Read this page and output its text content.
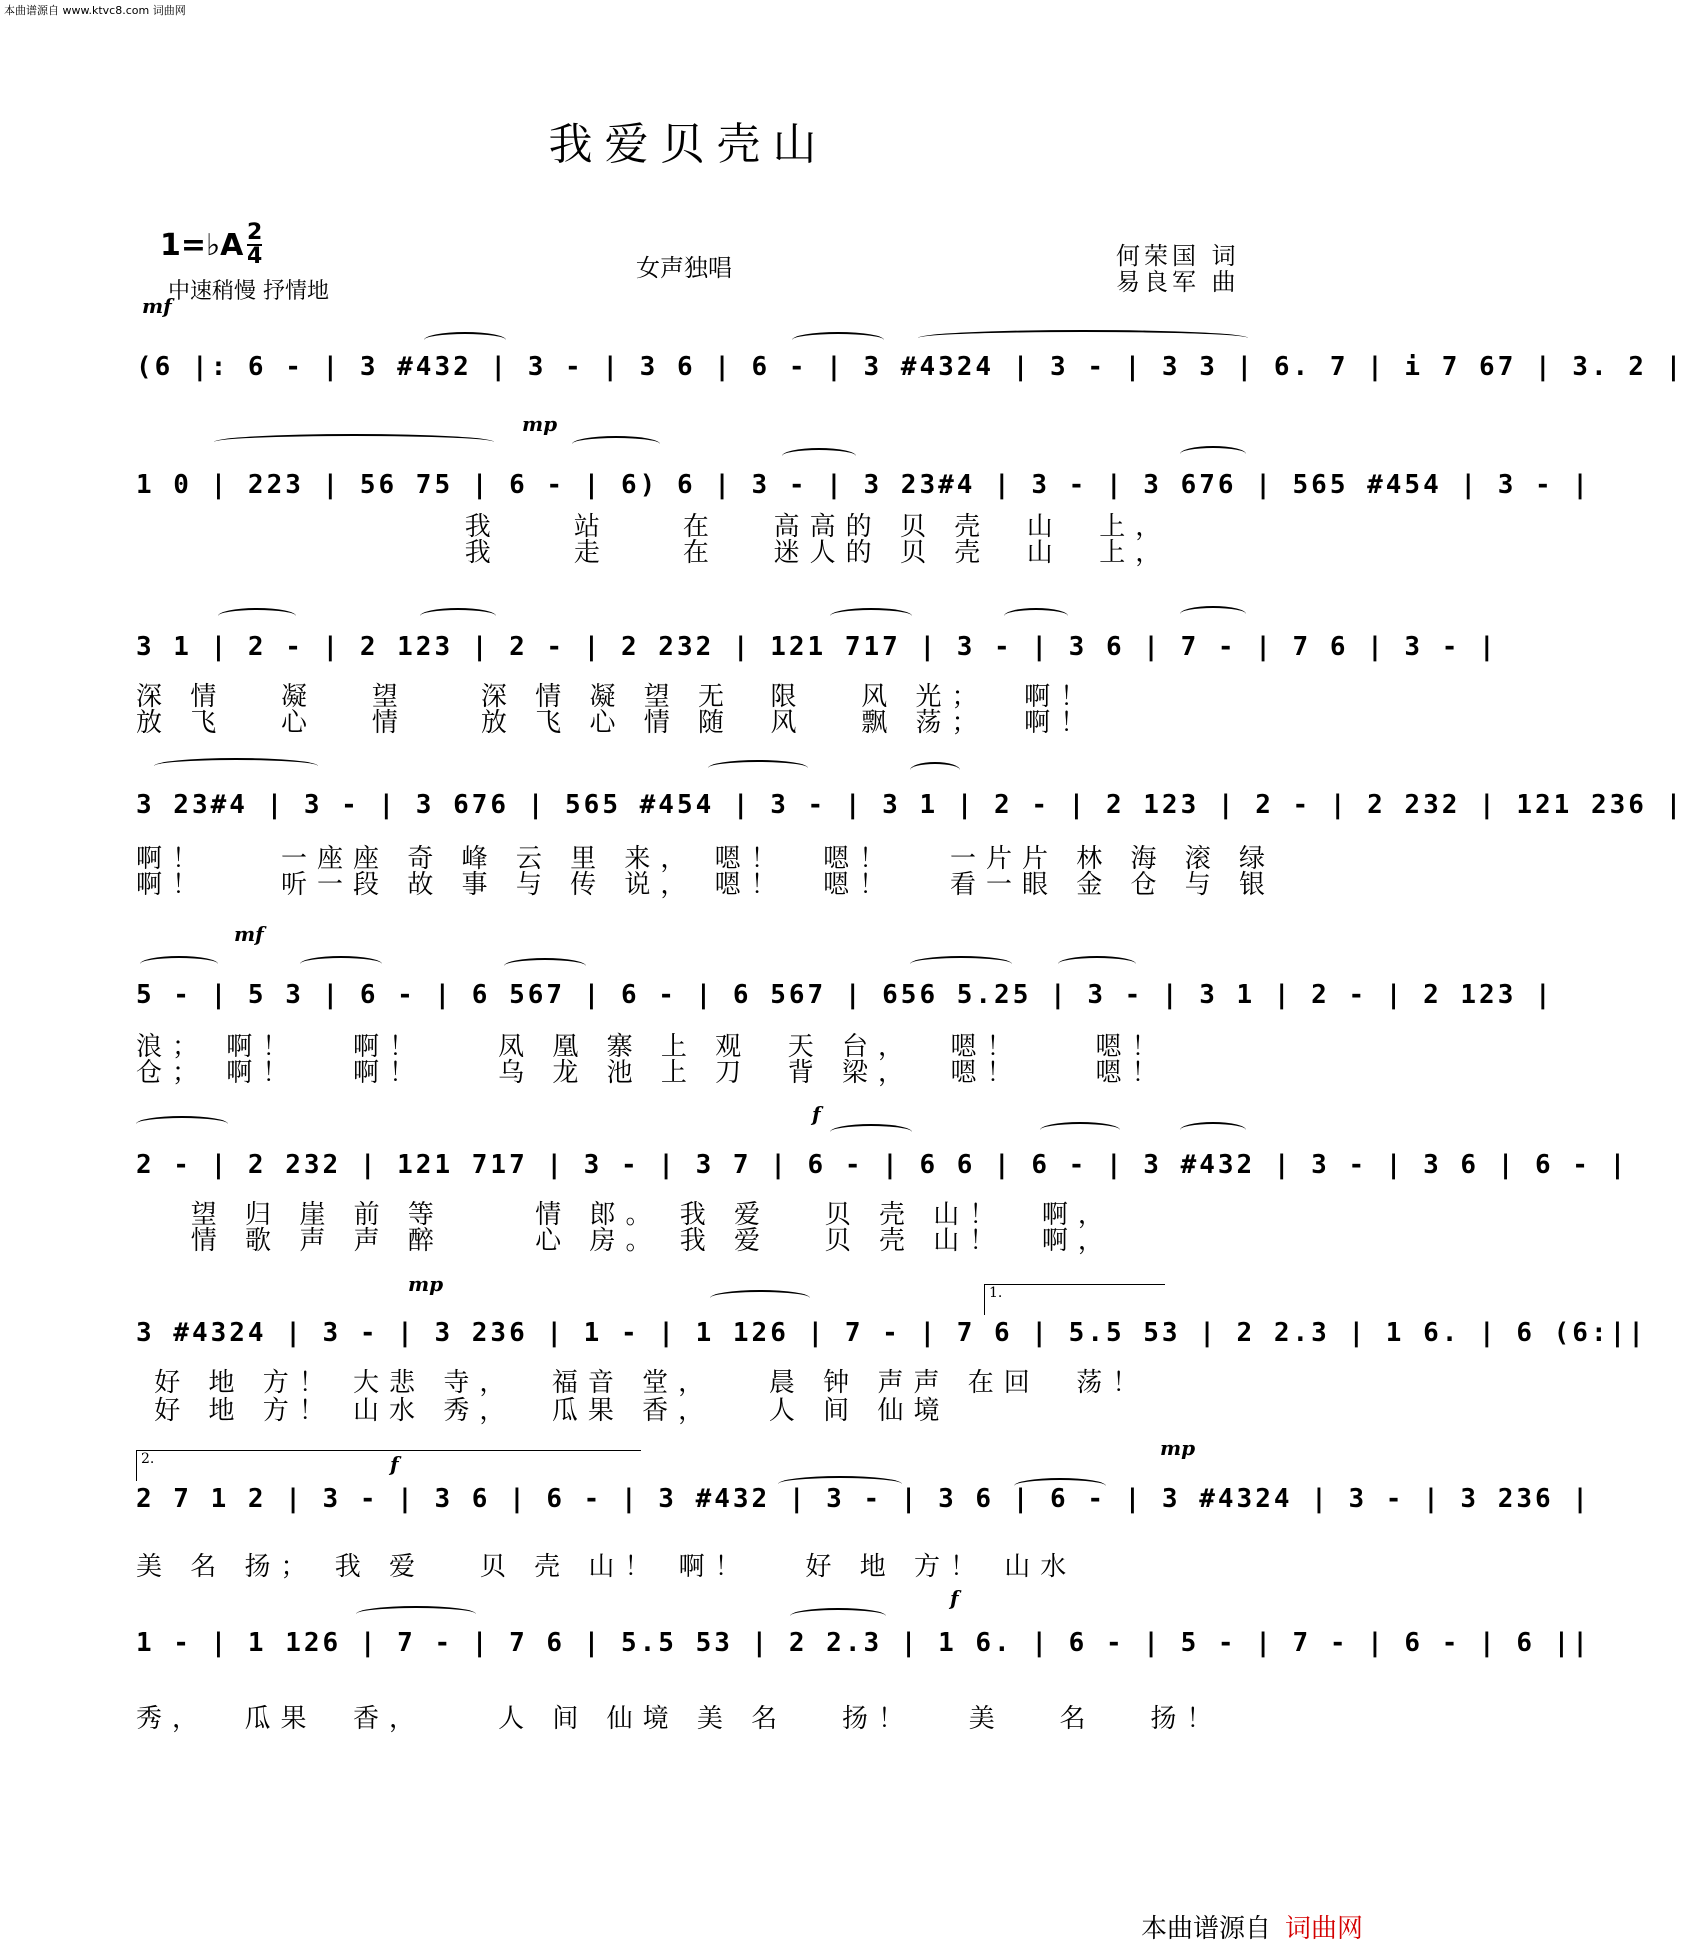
本曲谱源自 www.ktvc8.com 词曲网
我爱贝壳山
1=♭A 2
4
中速稍慢 抒情地
女声独唱	何荣国 词
易良军 曲
mf
mp
mf
f
mp
f
mp
f
1.
2.
(6 |: 6 - | 3 #432 | 3 - | 3 6 | 6 - | 3 #4324 | 3 - | 3 3 | 6. 7 | i 7 67 | 3. 2 |
1 0 | 223 | 56 75 | 6 - | 6) 6 | 3 - | 3 23#4 | 3 - | 3 676 | 565 #454 | 3 - |
我    站    在   高高的 贝 壳  山  上，
我    走    在   迷人的 贝 壳  山  上，
3 1 | 2 - | 2 123 | 2 - | 2 232 | 121 717 | 3 - | 3 6 | 7 - | 7 6 | 3 - |
深 情   凝   望    深 情 凝 望 无  限   风 光；  啊！
放 飞   心   情    放 飞 心 情 随  风   飘 荡；  啊！
3 23#4 | 3 - | 3 676 | 565 #454 | 3 - | 3 1 | 2 - | 2 123 | 2 - | 2 232 | 121 236 |
啊！    一座座 奇 峰 云 里 来， 嗯！  嗯！   一片片 林 海 滚 绿
啊！    听一段 故 事 与 传 说， 嗯！  嗯！   看一眼 金 仓 与 银
5 - | 5 3 | 6 - | 6 567 | 6 - | 6 567 | 656 5.25 | 3 - | 3 1 | 2 - | 2 123 |
浪； 啊！   啊！    凤 凰 寨 上 观  天 台，  嗯！    嗯！
仓； 啊！   啊！    乌 龙 池 上 刀  背 梁，  嗯！    嗯！
2 - | 2 232 | 121 717 | 3 - | 3 7 | 6 - | 6 6 | 6 - | 3 #432 | 3 - | 3 6 | 6 - |
望 归 崖 前 等     情 郎。 我 爱   贝 壳 山！  啊，
情 歌 声 声 醉     心 房。 我 爱   贝 壳 山！  啊，
3 #4324 | 3 - | 3 236 | 1 - | 1 126 | 7 - | 7 6 | 5.5 53 | 2 2.3 | 1 6. | 6 (6:||
好 地 方！ 大悲 寺，  福音 堂，   晨 钟 声声 在回  荡！
好 地 方！ 山水 秀，  瓜果 香，   人 间 仙境
2 7 1 2 | 3 - | 3 6 | 6 - | 3 #432 | 3 - | 3 6 | 6 - | 3 #4324 | 3 - | 3 236 |
美 名 扬； 我 爱   贝 壳 山！ 啊！   好 地 方！ 山水
1 - | 1 126 | 7 - | 7 6 | 5.5 53 | 2 2.3 | 1 6. | 6 - | 5 - | 7 - | 6 - | 6 ||
秀，  瓜果  香，    人 间 仙境 美 名   扬！   美   名   扬！
本曲谱源自 词曲网
